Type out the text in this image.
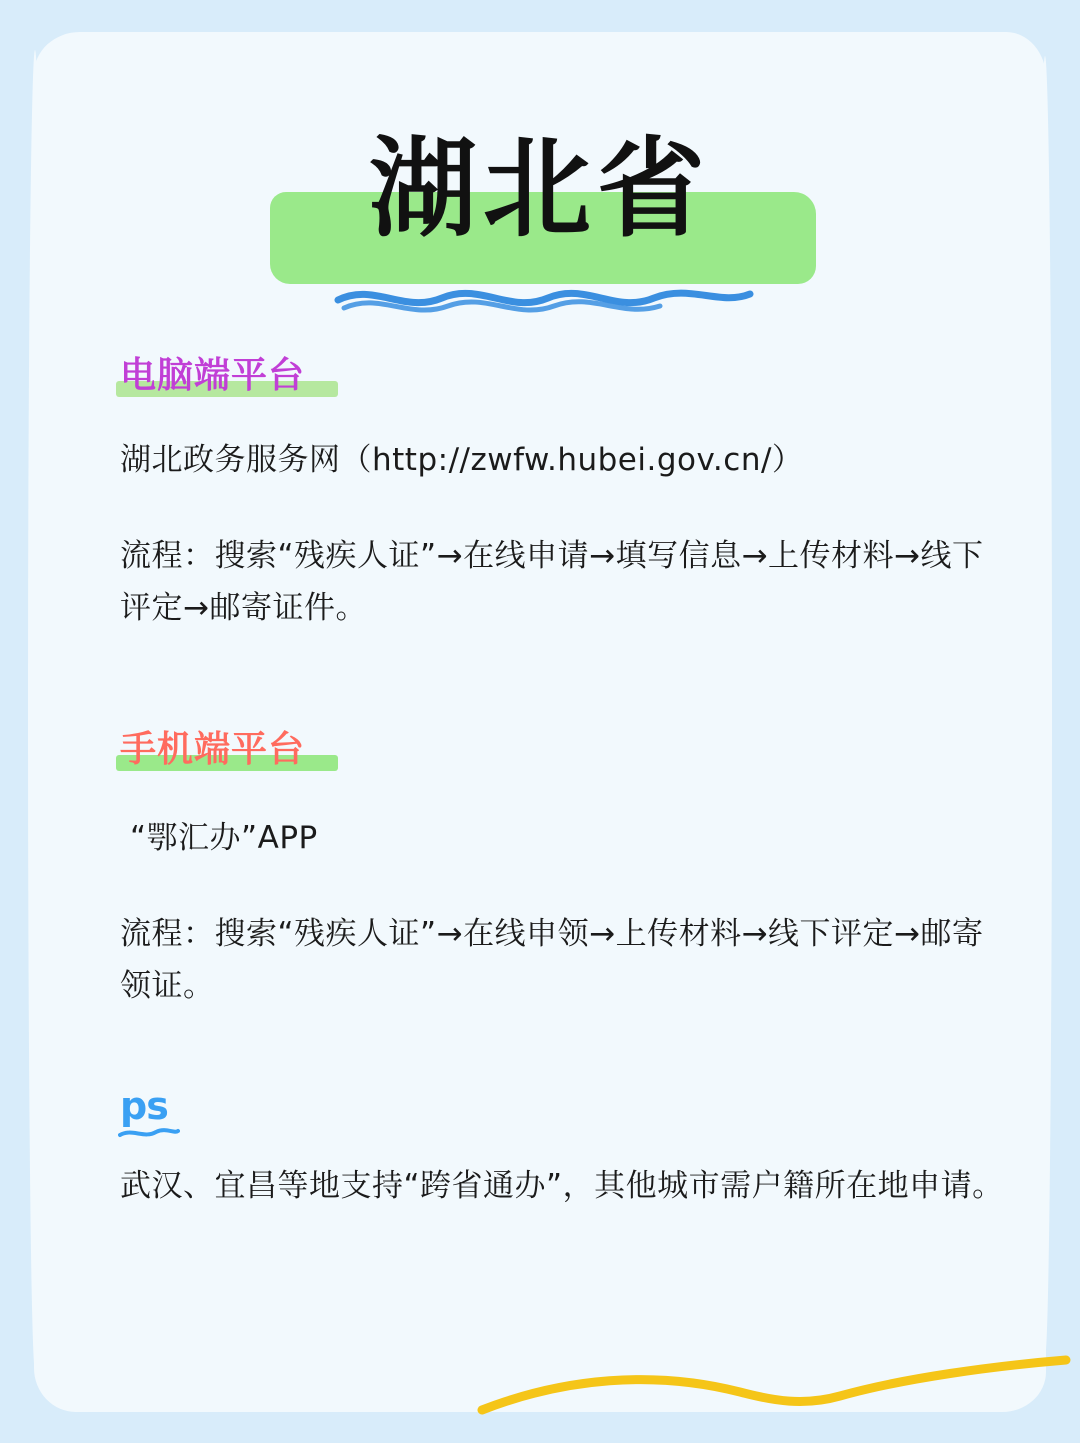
湖北省
电脑端平台
湖北政务服务网（http://zwfw.hubei.gov.cn/）
流程：搜索“残疾人证”→在线申请→填写信息→上传材料→线下评定→邮寄证件。
手机端平台
“鄂汇办”APP
流程：搜索“残疾人证”→在线申领→上传材料→线下评定→邮寄领证。
ps
武汉、宜昌等地支持“跨省通办”，其他城市需户籍所在地申请。
